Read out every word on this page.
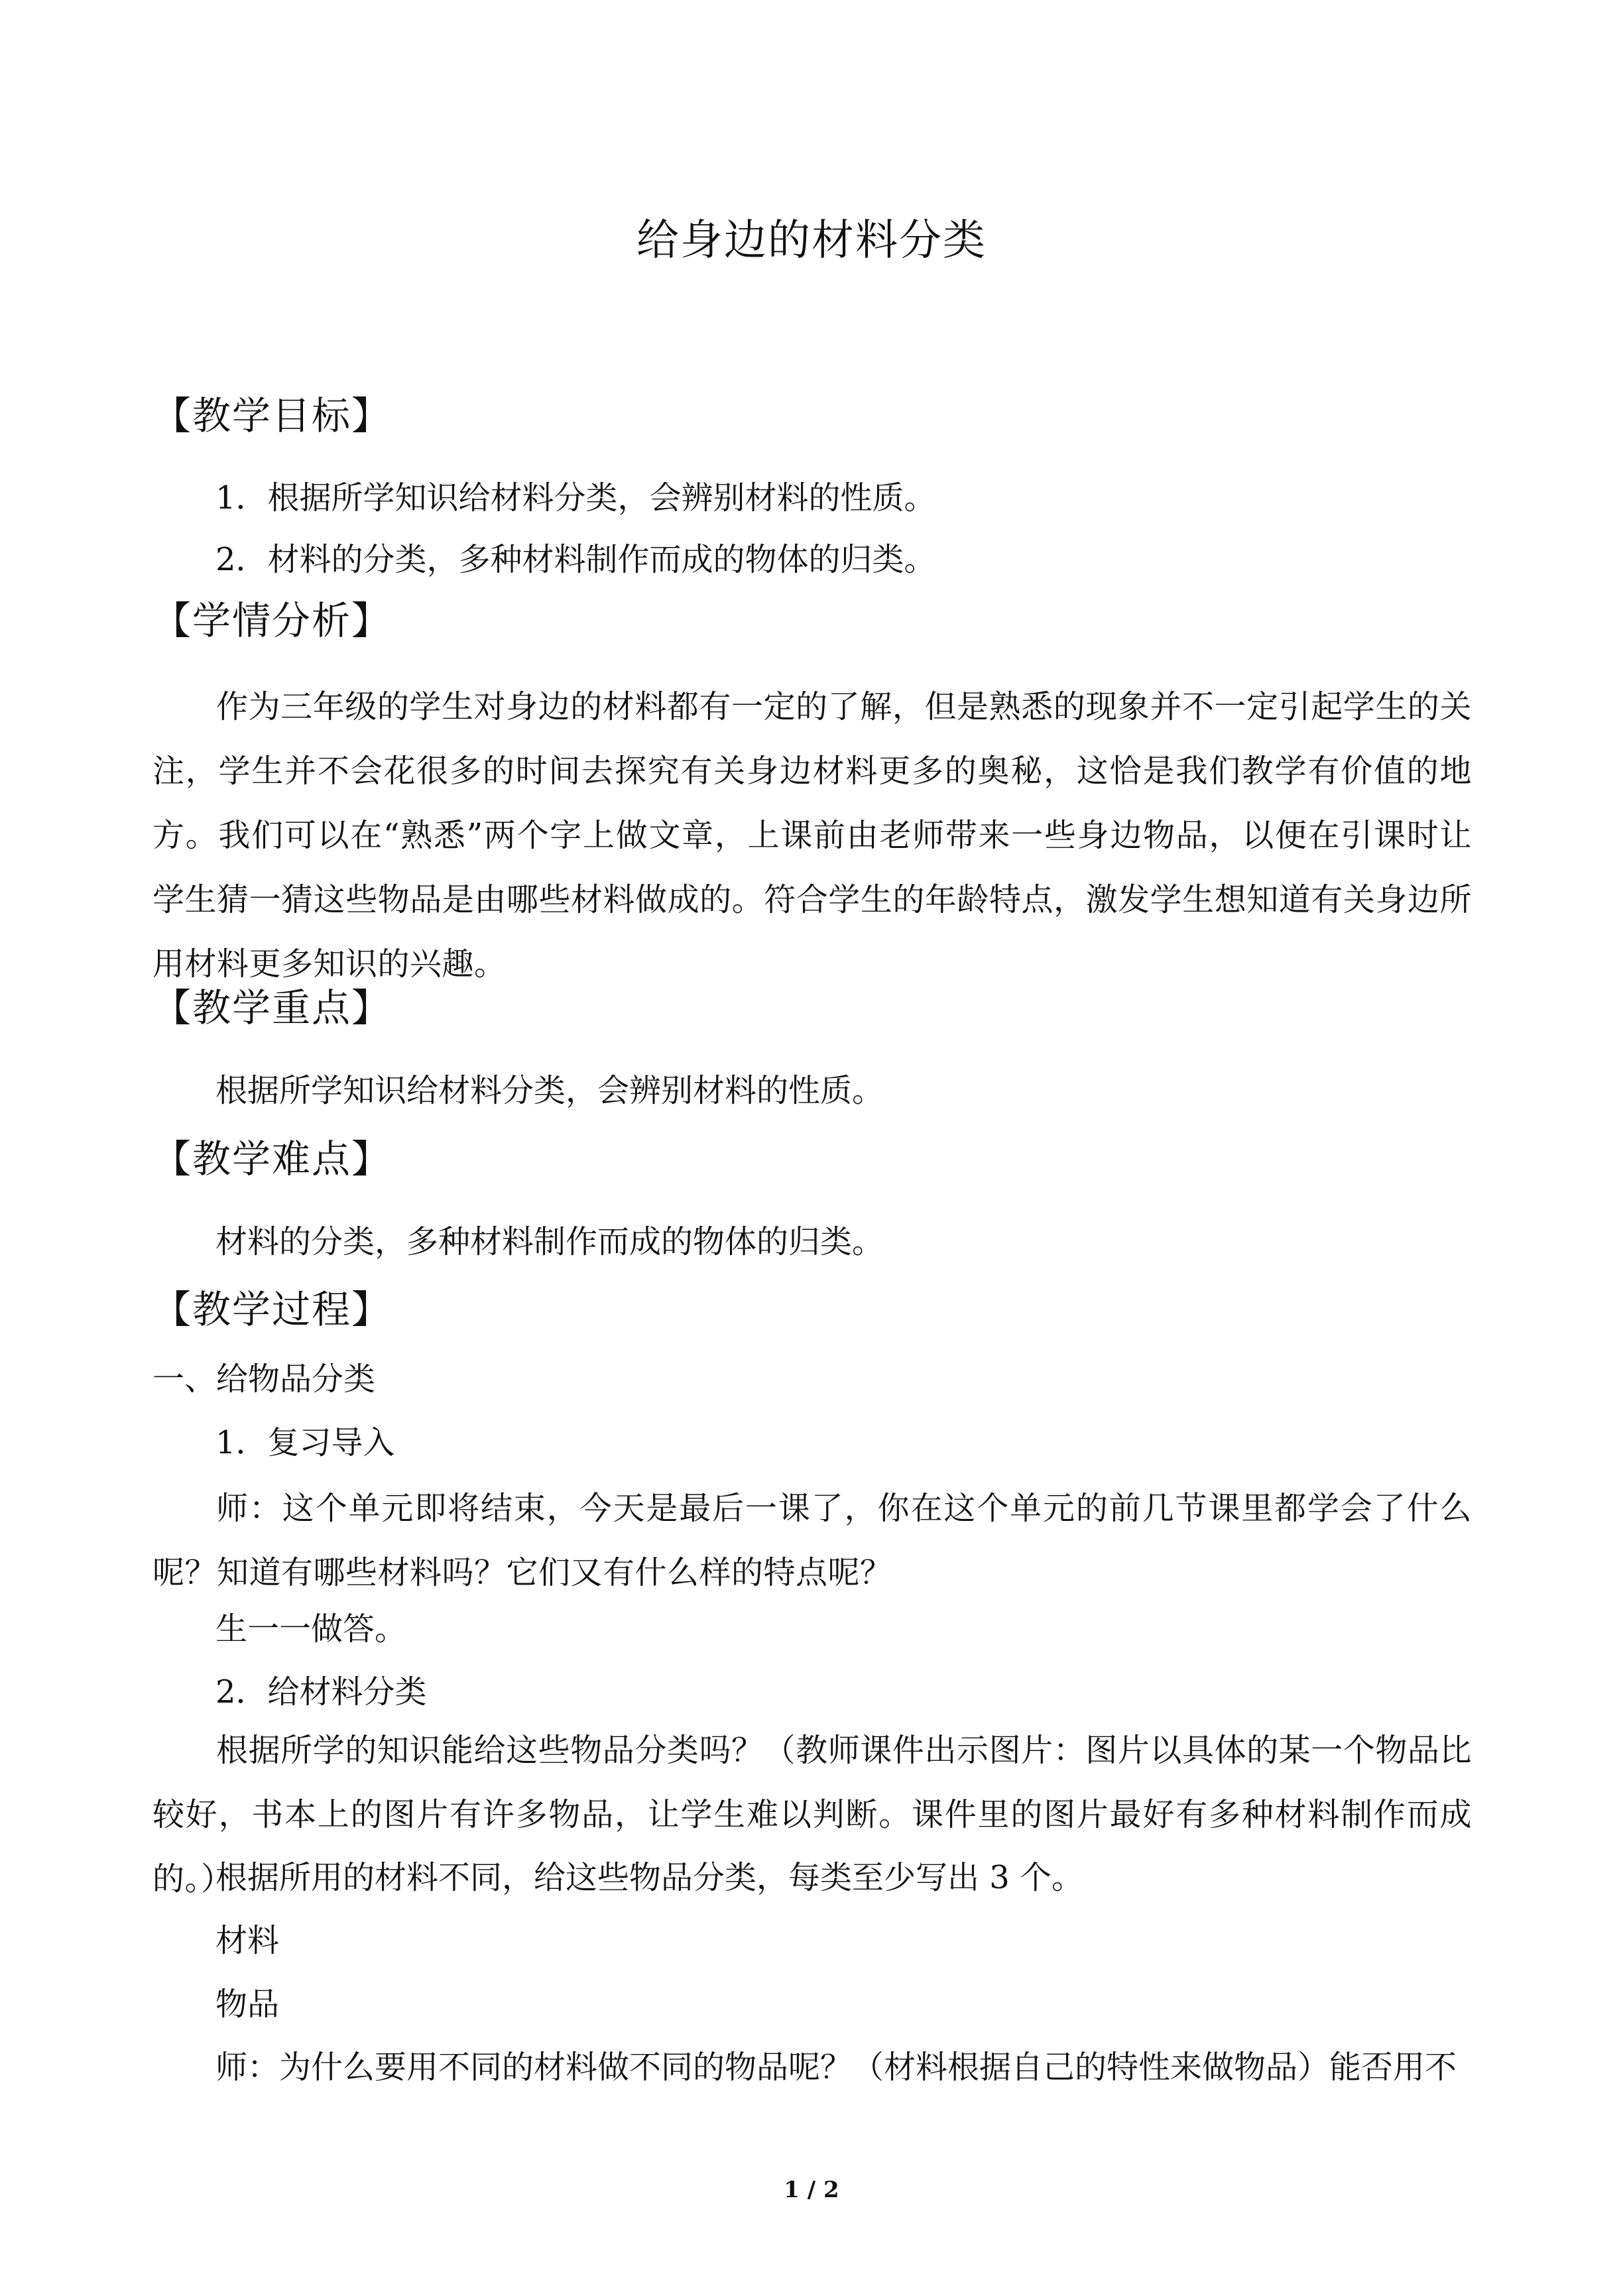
给身边的材料分类
【教学目标】
1．根据所学知识给材料分类，会辨别材料的性质。
2．材料的分类，多种材料制作而成的物体的归类。
【学情分析】
作为三年级的学生对身边的材料都有一定的了解，但是熟悉的现象并不一定引起学生的关注，学生并不会花很多的时间去探究有关身边材料更多的奥秘，这恰是我们教学有价值的地方。我们可以在“熟悉”两个字上做文章，上课前由老师带来一些身边物品，以便在引课时让学生猜一猜这些物品是由哪些材料做成的。符合学生的年龄特点，激发学生想知道有关身边所用材料更多知识的兴趣。
【教学重点】
根据所学知识给材料分类，会辨别材料的性质。
【教学难点】
材料的分类，多种材料制作而成的物体的归类。
【教学过程】
一、给物品分类
1．复习导入
师：这个单元即将结束，今天是最后一课了，你在这个单元的前几节课里都学会了什么呢？知道有哪些材料吗？它们又有什么样的特点呢？
生一一做答。
2．给材料分类
根据所学的知识能给这些物品分类吗？（教师课件出示图片：图片以具体的某一个物品比较好，书本上的图片有许多物品，让学生难以判断。课件里的图片最好有多种材料制作而成的。）
根据所用的材料不同，给这些物品分类，每类至少写出 3 个。
材料
物品
师：为什么要用不同的材料做不同的物品呢？（材料根据自己的特性来做物品）能否用不
1 / 2
